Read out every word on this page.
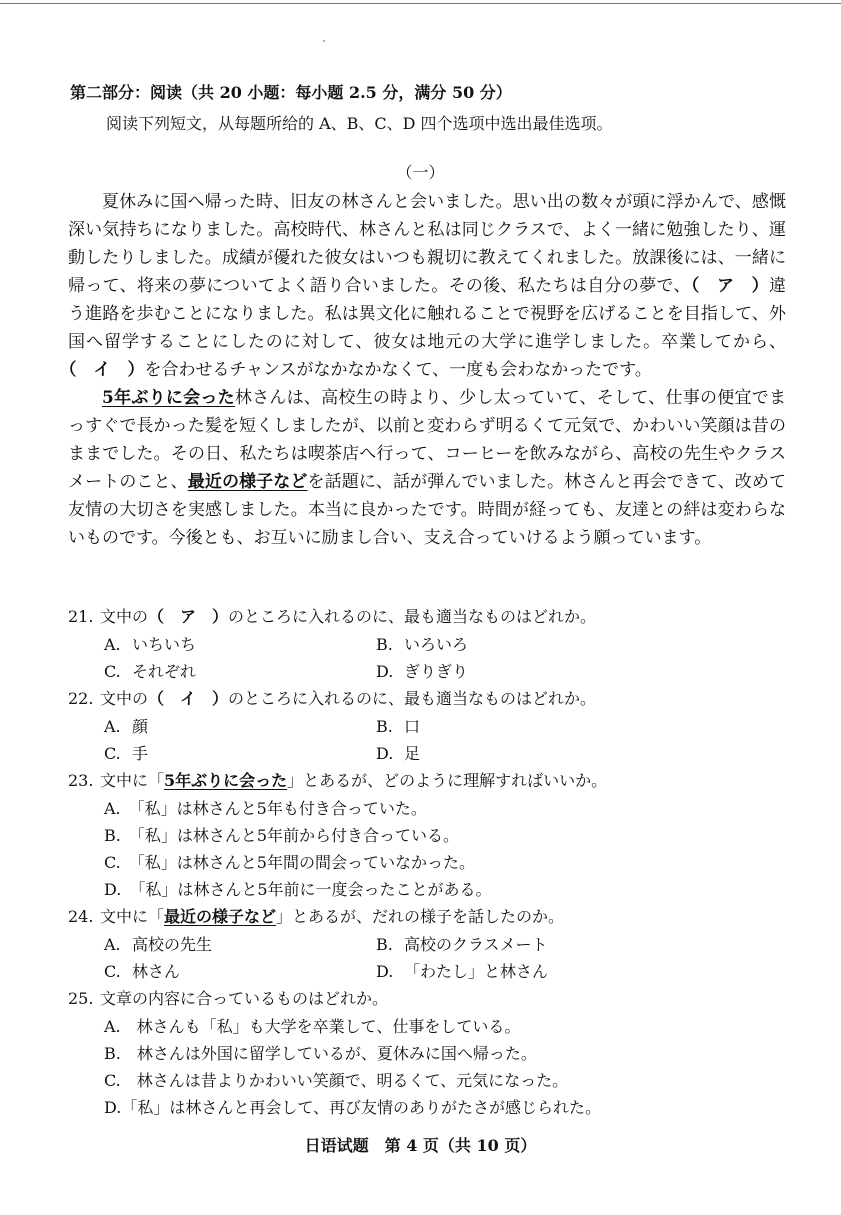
第二部分：阅读（共 20 小题：每小题 2.5 分，满分 50 分）
阅读下列短文，从每题所给的 A、B、C、D 四个选项中选出最佳选项。
（一）

夏休みに国へ帰った時、旧友の林さんと会いました。思い出の数々が頭に浮かんで、感慨深い気持ちになりました。高校時代、林さんと私は同じクラスで、よく一緒に勉強したり、運動したりしました。成績が優れた彼女はいつも親切に教えてくれました。放課後には、一緒に帰って、将来の夢についてよく語り合いました。その後、私たちは自分の夢で、（　ア　）違う進路を歩むことになりました。私は異文化に触れることで視野を広げることを目指して、外国へ留学することにしたのに対して、彼女は地元の大学に進学しました。卒業してから、（　イ　）を合わせるチャンスがなかなかなくて、一度も会わなかったです。

5年ぶりに会った林さんは、高校生の時より、少し太っていて、そして、仕事の便宜でまっすぐで長かった髪を短くしましたが、以前と変わらず明るくて元気で、かわいい笑顔は昔のままでした。その日、私たちは喫茶店へ行って、コーヒーを飲みながら、高校の先生やクラスメートのこと、最近の様子などを話題に、話が弾んでいました。林さんと再会できて、改めて友情の大切さを実感しました。本当に良かったです。時間が経っても、友達との絆は変わらないものです。今後とも、お互いに励まし合い、支え合っていけるよう願っています。

21. 文中の（　ア　）のところに入れるのに、最も適当なものはどれか。
A. いちいち	B. いろいろ
C. それぞれ	D. ぎりぎり
22. 文中の（　イ　）のところに入れるのに、最も適当なものはどれか。
A. 顔	B. 口
C. 手	D. 足
23. 文中に「5年ぶりに会った」とあるが、どのように理解すればいいか。
A.　「私」は林さんと5年も付き合っていた。
B.　「私」は林さんと5年前から付き合っている。
C.　「私」は林さんと5年間の間会っていなかった。
D.　「私」は林さんと5年前に一度会ったことがある。
24. 文中に「最近の様子など」とあるが、だれの様子を話したのか。
A. 高校の先生	B. 高校のクラスメート
C. 林さん	D. 「わたし」と林さん
25. 文章の内容に合っているものはどれか。
A.　林さんも「私」も大学を卒業して、仕事をしている。
B.　林さんは外国に留学しているが、夏休みに国へ帰った。
C.　林さんは昔よりかわいい笑顔で、明るくて、元気になった。
D.「私」は林さんと再会して、再び友情のありがたさが感じられた。
日语试题　第 4 页（共 10 页）
